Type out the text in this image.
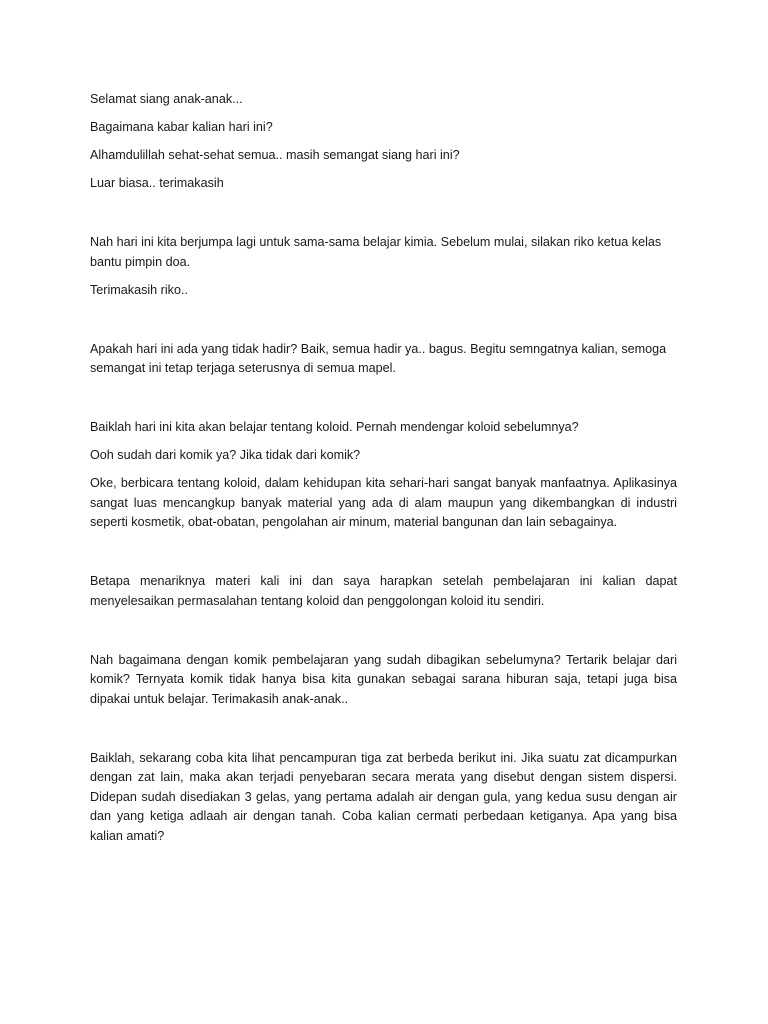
Selamat siang anak-anak...

Bagaimana kabar kalian hari ini?

Alhamdulillah sehat-sehat semua.. masih semangat siang hari ini?

Luar biasa.. terimakasih

Nah hari ini kita berjumpa lagi untuk sama-sama belajar kimia. Sebelum mulai, silakan riko ketua kelas bantu pimpin doa.

Terimakasih riko..

Apakah hari ini ada yang tidak hadir? Baik, semua hadir ya.. bagus. Begitu semngatnya kalian, semoga semangat ini tetap terjaga seterusnya di semua mapel.

Baiklah hari ini kita akan belajar tentang koloid. Pernah mendengar koloid sebelumnya?

Ooh sudah dari komik ya? Jika tidak dari komik?

Oke, berbicara tentang koloid, dalam kehidupan kita sehari-hari sangat banyak manfaatnya. Aplikasinya sangat luas mencangkup banyak material yang ada di alam maupun yang dikembangkan di industri seperti kosmetik, obat-obatan, pengolahan air minum, material bangunan dan lain sebagainya.

Betapa menariknya materi kali ini dan saya harapkan setelah pembelajaran ini kalian dapat menyelesaikan permasalahan tentang koloid dan penggolongan koloid itu sendiri.

Nah bagaimana dengan komik pembelajaran yang sudah dibagikan sebelumyna? Tertarik belajar dari komik? Ternyata komik tidak hanya bisa kita gunakan sebagai sarana hiburan saja, tetapi juga bisa dipakai untuk belajar. Terimakasih anak-anak..

Baiklah, sekarang coba kita lihat pencampuran tiga zat berbeda berikut ini. Jika suatu zat dicampurkan dengan zat lain, maka akan terjadi penyebaran secara merata yang disebut dengan sistem dispersi. Didepan sudah disediakan 3 gelas, yang pertama adalah air dengan gula, yang kedua susu dengan air dan yang ketiga adlaah air dengan tanah. Coba kalian cermati perbedaan ketiganya. Apa yang bisa kalian amati?
